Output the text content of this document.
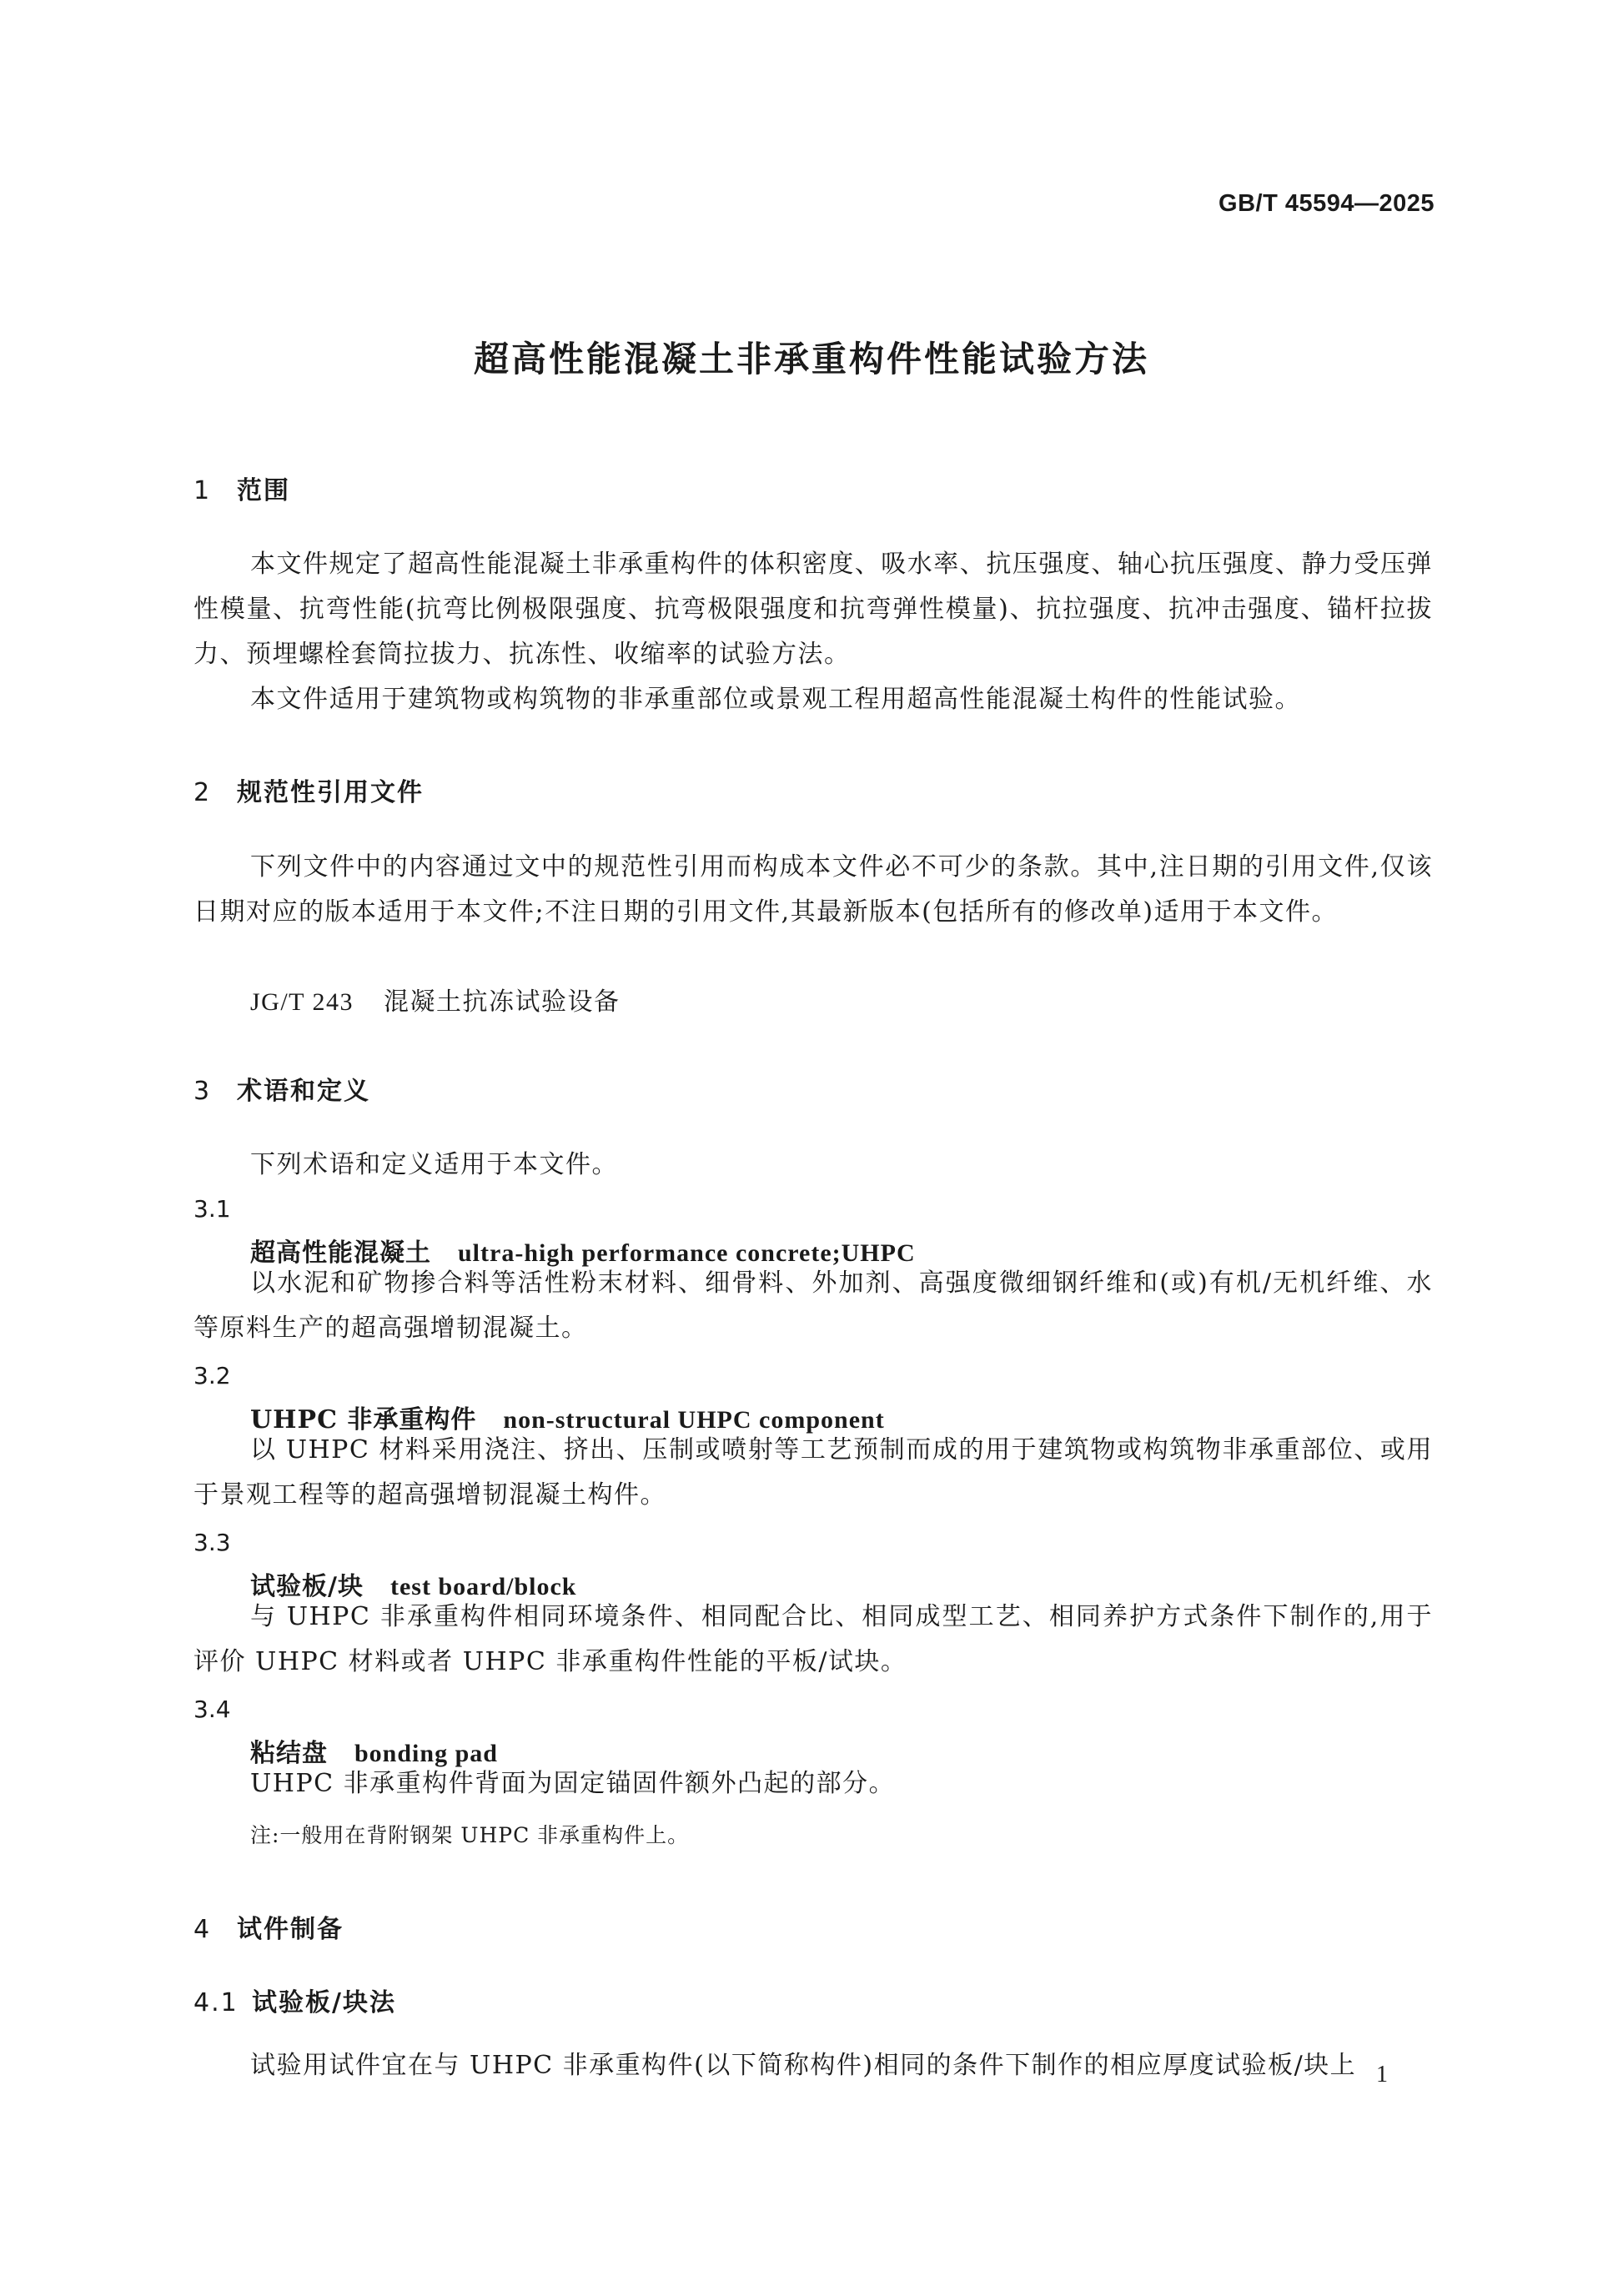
GB/T 45594—2025
超高性能混凝土非承重构件性能试验方法
1 范围
本文件规定了超高性能混凝土非承重构件的体积密度、吸水率、抗压强度、轴心抗压强度、静力受压弹性模量、抗弯性能(抗弯比例极限强度、抗弯极限强度和抗弯弹性模量)、抗拉强度、抗冲击强度、锚杆拉拔力、预埋螺栓套筒拉拔力、抗冻性、收缩率的试验方法。
本文件适用于建筑物或构筑物的非承重部位或景观工程用超高性能混凝土构件的性能试验。
2 规范性引用文件
下列文件中的内容通过文中的规范性引用而构成本文件必不可少的条款。其中,注日期的引用文件,仅该日期对应的版本适用于本文件;不注日期的引用文件,其最新版本(包括所有的修改单)适用于本文件。
JG/T 243 混凝土抗冻试验设备
3 术语和定义
下列术语和定义适用于本文件。
3.1
超高性能混凝土 ultra-high performance concrete;UHPC
以水泥和矿物掺合料等活性粉末材料、细骨料、外加剂、高强度微细钢纤维和(或)有机/无机纤维、水等原料生产的超高强增韧混凝土。
3.2
UHPC 非承重构件 non-structural UHPC component
以 UHPC 材料采用浇注、挤出、压制或喷射等工艺预制而成的用于建筑物或构筑物非承重部位、或用于景观工程等的超高强增韧混凝土构件。
3.3
试验板/块 test board/block
与 UHPC 非承重构件相同环境条件、相同配合比、相同成型工艺、相同养护方式条件下制作的,用于评价 UHPC 材料或者 UHPC 非承重构件性能的平板/试块。
3.4
粘结盘 bonding pad
UHPC 非承重构件背面为固定锚固件额外凸起的部分。
注:一般用在背附钢架 UHPC 非承重构件上。
4 试件制备
4.1 试验板/块法
试验用试件宜在与 UHPC 非承重构件(以下简称构件)相同的条件下制作的相应厚度试验板/块上 1
